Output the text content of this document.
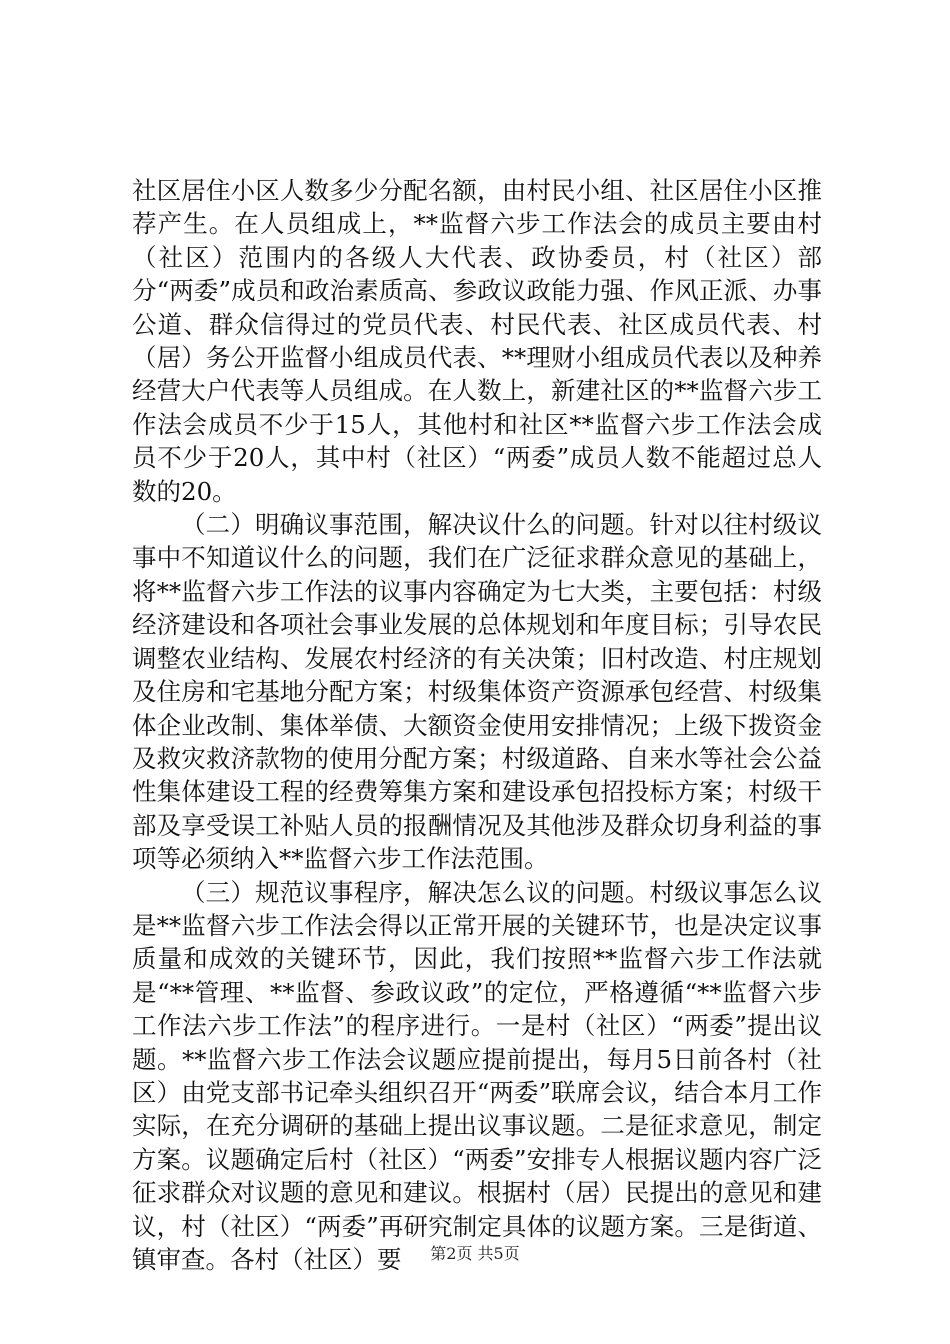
社区居住小区人数多少分配名额，由村民小组、社区居住小区推荐产生。在人员组成上，**监督六步工作法会的成员主要由村（社区）范围内的各级人大代表、政协委员，村（社区）部分“两委”成员和政治素质高、参政议政能力强、作风正派、办事公道、群众信得过的党员代表、村民代表、社区成员代表、村（居）务公开监督小组成员代表、**理财小组成员代表以及种养经营大户代表等人员组成。在人数上，新建社区的**监督六步工作法会成员不少于15人，其他村和社区**监督六步工作法会成员不少于20人，其中村（社区）“两委”成员人数不能超过总人数的20。

（二）明确议事范围，解决议什么的问题。针对以往村级议事中不知道议什么的问题，我们在广泛征求群众意见的基础上，将**监督六步工作法的议事内容确定为七大类，主要包括：村级经济建设和各项社会事业发展的总体规划和年度目标；引导农民调整农业结构、发展农村经济的有关决策；旧村改造、村庄规划及住房和宅基地分配方案；村级集体资产资源承包经营、村级集体企业改制、集体举债、大额资金使用安排情况；上级下拨资金及救灾救济款物的使用分配方案；村级道路、自来水等社会公益性集体建设工程的经费筹集方案和建设承包招投标方案；村级干部及享受误工补贴人员的报酬情况及其他涉及群众切身利益的事项等必须纳入**监督六步工作法范围。

（三）规范议事程序，解决怎么议的问题。村级议事怎么议是**监督六步工作法会得以正常开展的关键环节，也是决定议事质量和成效的关键环节，因此，我们按照**监督六步工作法就是“**管理、**监督、参政议政”的定位，严格遵循“**监督六步工作法六步工作法”的程序进行。一是村（社区）“两委”提出议题。**监督六步工作法会议题应提前提出，每月5日前各村（社区）由党支部书记牵头组织召开“两委”联席会议，结合本月工作实际，在充分调研的基础上提出议事议题。二是征求意见，制定方案。议题确定后村（社区）“两委”安排专人根据议题内容广泛征求群众对议题的意见和建议。根据村（居）民提出的意见和建议，村（社区）“两委”再研究制定具体的议题方案。三是街道、镇审查。各村（社区）要	第2页 共5页
